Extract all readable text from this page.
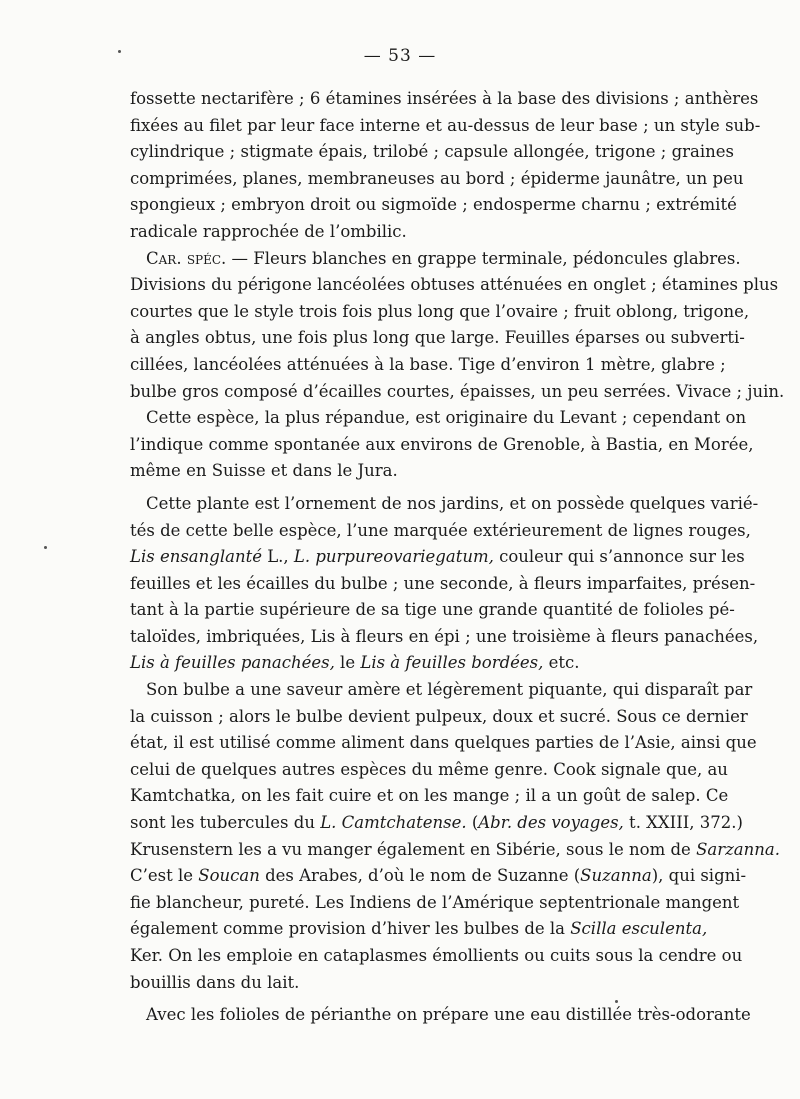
— 53 —
fossette nectarifère ; 6 étamines insérées à la base des divisions ; anthères
fixées au filet par leur face interne et au-dessus de leur base ; un style sub-
cylindrique ; stigmate épais, trilobé ; capsule allongée, trigone ; graines
comprimées, planes, membraneuses au bord ; épiderme jaunâtre, un peu
spongieux ; embryon droit ou sigmoïde ; endosperme charnu ; extrémité
radicale rapprochée de l’ombilic.
Car. spéc. — Fleurs blanches en grappe terminale, pédoncules glabres.
Divisions du périgone lancéolées obtuses atténuées en onglet ; étamines plus
courtes que le style trois fois plus long que l’ovaire ; fruit oblong, trigone,
à angles obtus, une fois plus long que large. Feuilles éparses ou subverti-
cillées, lancéolées atténuées à la base. Tige d’environ 1 mètre, glabre ;
bulbe gros composé d’écailles courtes, épaisses, un peu serrées. Vivace ; juin.
Cette espèce, la plus répandue, est originaire du Levant ; cependant on
l’indique comme spontanée aux environs de Grenoble, à Bastia, en Morée,
même en Suisse et dans le Jura.
Cette plante est l’ornement de nos jardins, et on possède quelques varié-
tés de cette belle espèce, l’une marquée extérieurement de lignes rouges,
Lis ensanglanté L., L. purpureovariegatum, couleur qui s’annonce sur les
feuilles et les écailles du bulbe ; une seconde, à fleurs imparfaites, présen-
tant à la partie supérieure de sa tige une grande quantité de folioles pé-
taloïdes, imbriquées, Lis à fleurs en épi ; une troisième à fleurs panachées,
Lis à feuilles panachées, le Lis à feuilles bordées, etc.
Son bulbe a une saveur amère et légèrement piquante, qui disparaît par
la cuisson ; alors le bulbe devient pulpeux, doux et sucré. Sous ce dernier
état, il est utilisé comme aliment dans quelques parties de l’Asie, ainsi que
celui de quelques autres espèces du même genre. Cook signale que, au
Kamtchatka, on les fait cuire et on les mange ; il a un goût de salep. Ce
sont les tubercules du L. Camtchatense. (Abr. des voyages, t. XXIII, 372.)
Krusenstern les a vu manger également en Sibérie, sous le nom de Sarzanna.
C’est le Soucan des Arabes, d’où le nom de Suzanne (Suzanna), qui signi-
fie blancheur, pureté. Les Indiens de l’Amérique septentrionale mangent
également comme provision d’hiver les bulbes de la Scilla esculenta,
Ker. On les emploie en cataplasmes émollients ou cuits sous la cendre ou
bouillis dans du lait.
Avec les folioles de périanthe on prépare une eau distillée très-odorante
